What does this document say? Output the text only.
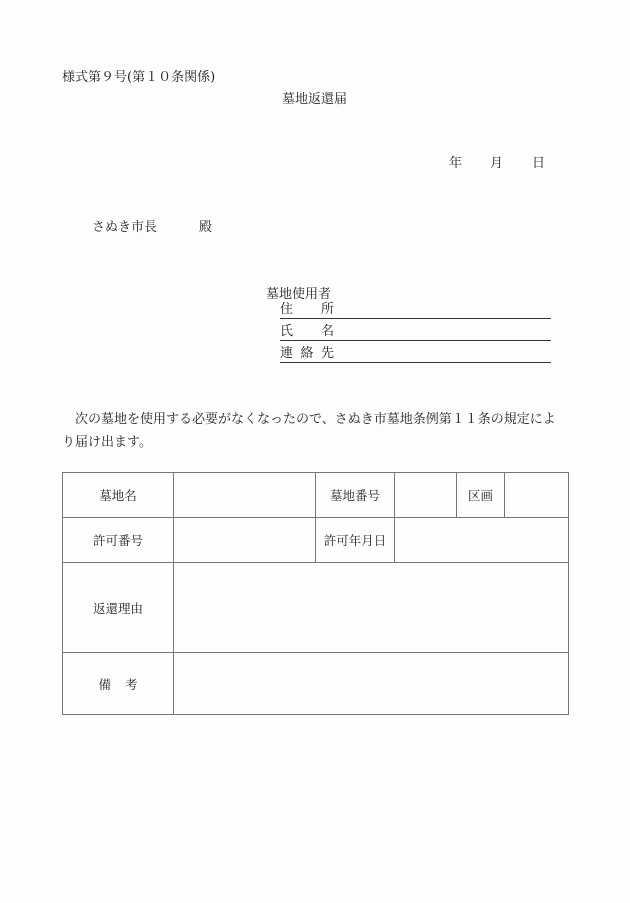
様式第９号(第１０条関係)
墓地返還届
年 月 日
さぬき市長	殿
墓地使用者
住 所
氏 名
連 絡 先
次の墓地を使用する必要がなくなったので、さぬき市墓地条例第１１条の規定により届け出ます。
墓地名		墓地番号		区画	
許可番号		許可年月日			
返還理由					
備考					
